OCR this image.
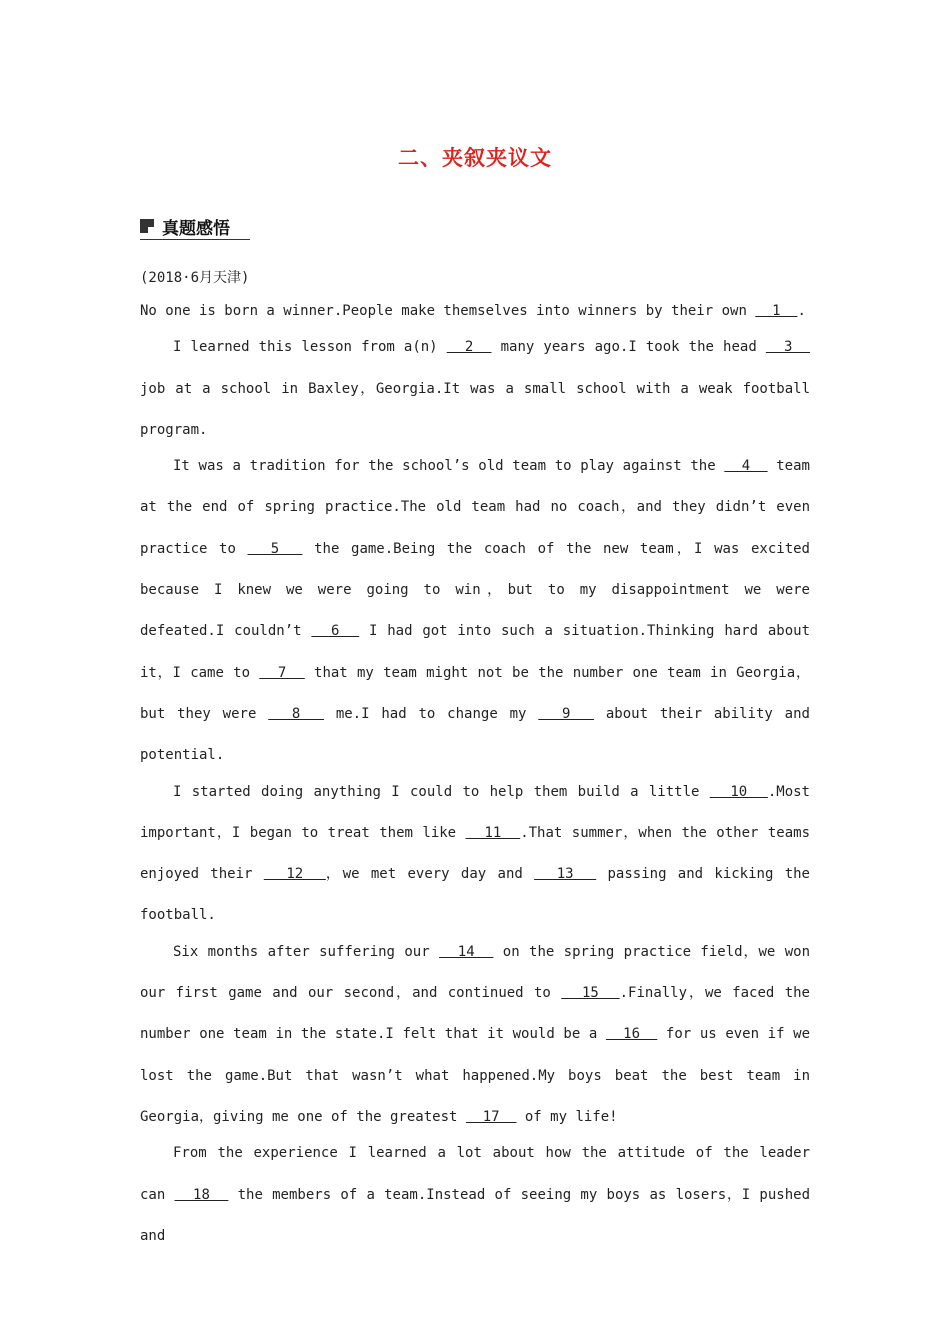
二、夹叙夹议文
真题感悟
(2018·6月天津)

No one is born a winner.People make themselves into winners by their own   1  .

I learned this lesson from a(n)   2   many years ago.I took the head   3   job at a school in Baxley，Georgia.It was a small school with a weak football program.

It was a tradition for the school’s old team to play against the   4   team at the end of spring practice.The old team had no coach，and they didn’t even practice to   5   the game.Being the coach of the new team，I was excited because I knew we were going to win，but to my disappointment we were defeated.I couldn’t   6   I had got into such a situation.Thinking hard about it，I came to   7   that my team might not be the number one team in Georgia，but they were   8   me.I had to change my   9   about their ability and potential.

I started doing anything I could to help them build a little   10  .Most important，I began to treat them like   11  .That summer，when the other teams enjoyed their   12  ，we met every day and   13   passing and kicking the football.

Six months after suffering our   14   on the spring practice field，we won our first game and our second，and continued to   15  .Finally，we faced the number one team in the state.I felt that it would be a   16   for us even if we lost the game.But that wasn’t what happened.My boys beat the best team in Georgia，giving me one of the greatest   17   of my life!

From the experience I learned a lot about how the attitude of the leader can   18   the members of a team.Instead of seeing my boys as losers，I pushed and
